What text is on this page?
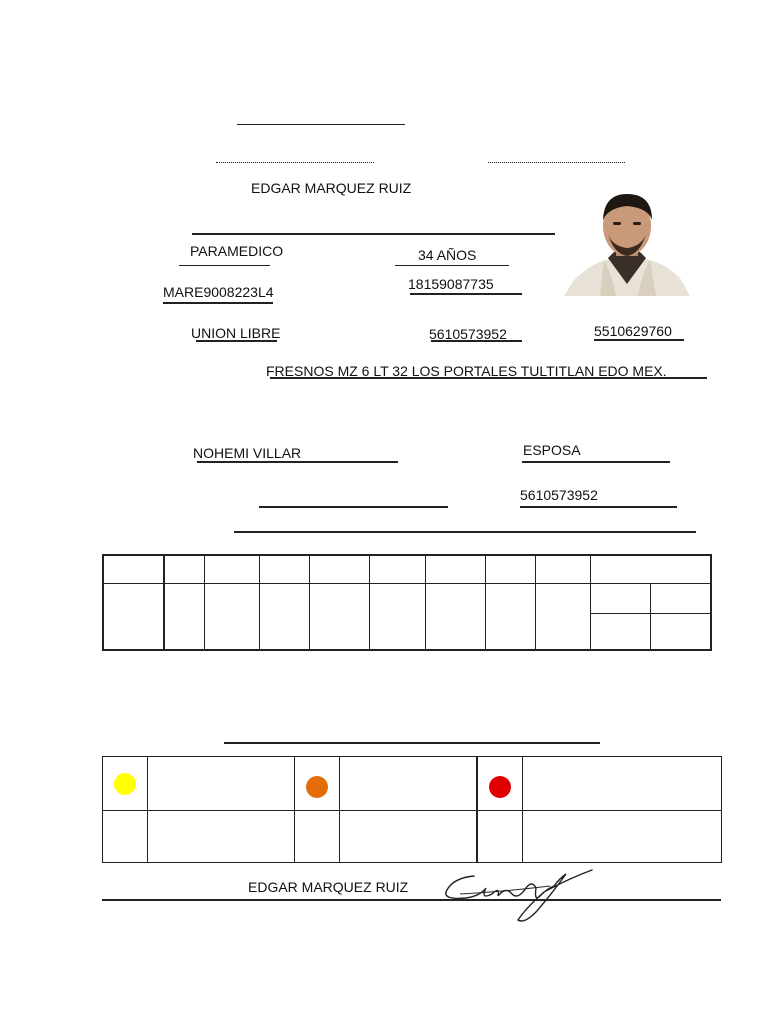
EDGAR MARQUEZ RUIZ
PARAMEDICO	34 AÑOS
MARE9008223L4	18159087735
UNION LIBRE	5610573952	5510629760
FRESNOS MZ 6 LT 32 LOS PORTALES TULTITLAN EDO MEX.
NOHEMI VILLAR	ESPOSA
5610573952

EDGAR MARQUEZ RUIZ
